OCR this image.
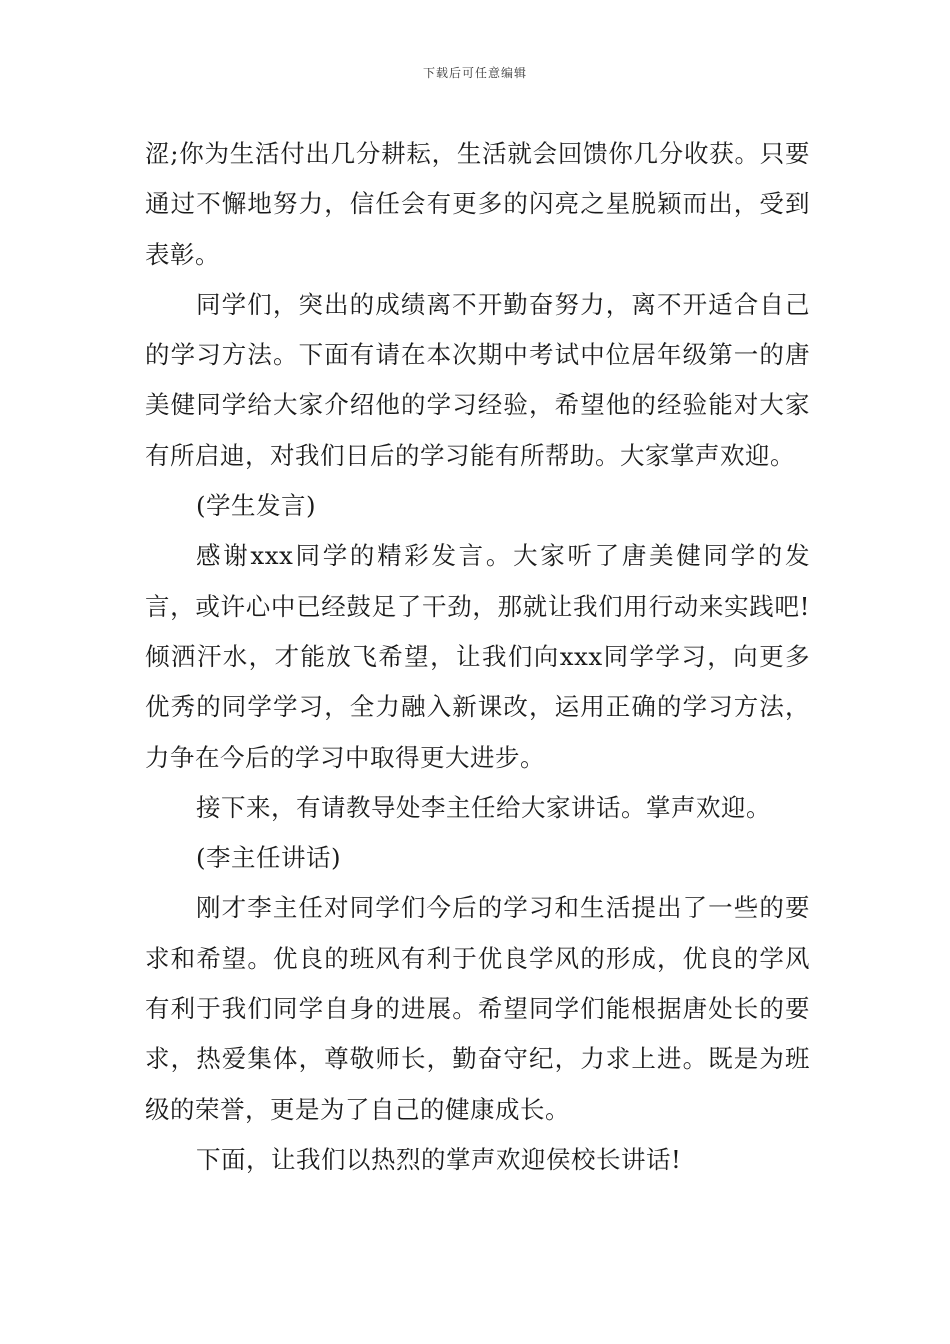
下载后可任意编辑

涩;你为生活付出几分耕耘，生活就会回馈你几分收获。只要通过不懈地努力，信任会有更多的闪亮之星脱颖而出，受到表彰。

同学们，突出的成绩离不开勤奋努力，离不开适合自己的学习方法。下面有请在本次期中考试中位居年级第一的唐美健同学给大家介绍他的学习经验，希望他的经验能对大家有所启迪，对我们日后的学习能有所帮助。大家掌声欢迎。

(学生发言)

感谢xxx同学的精彩发言。大家听了唐美健同学的发言，或许心中已经鼓足了干劲，那就让我们用行动来实践吧!倾洒汗水，才能放飞希望，让我们向xxx同学学习，向更多优秀的同学学习，全力融入新课改，运用正确的学习方法，力争在今后的学习中取得更大进步。

接下来，有请教导处李主任给大家讲话。掌声欢迎。

(李主任讲话)

刚才李主任对同学们今后的学习和生活提出了一些的要求和希望。优良的班风有利于优良学风的形成，优良的学风有利于我们同学自身的进展。希望同学们能根据唐处长的要求，热爱集体，尊敬师长，勤奋守纪，力求上进。既是为班级的荣誉，更是为了自己的健康成长。

下面，让我们以热烈的掌声欢迎侯校长讲话!
